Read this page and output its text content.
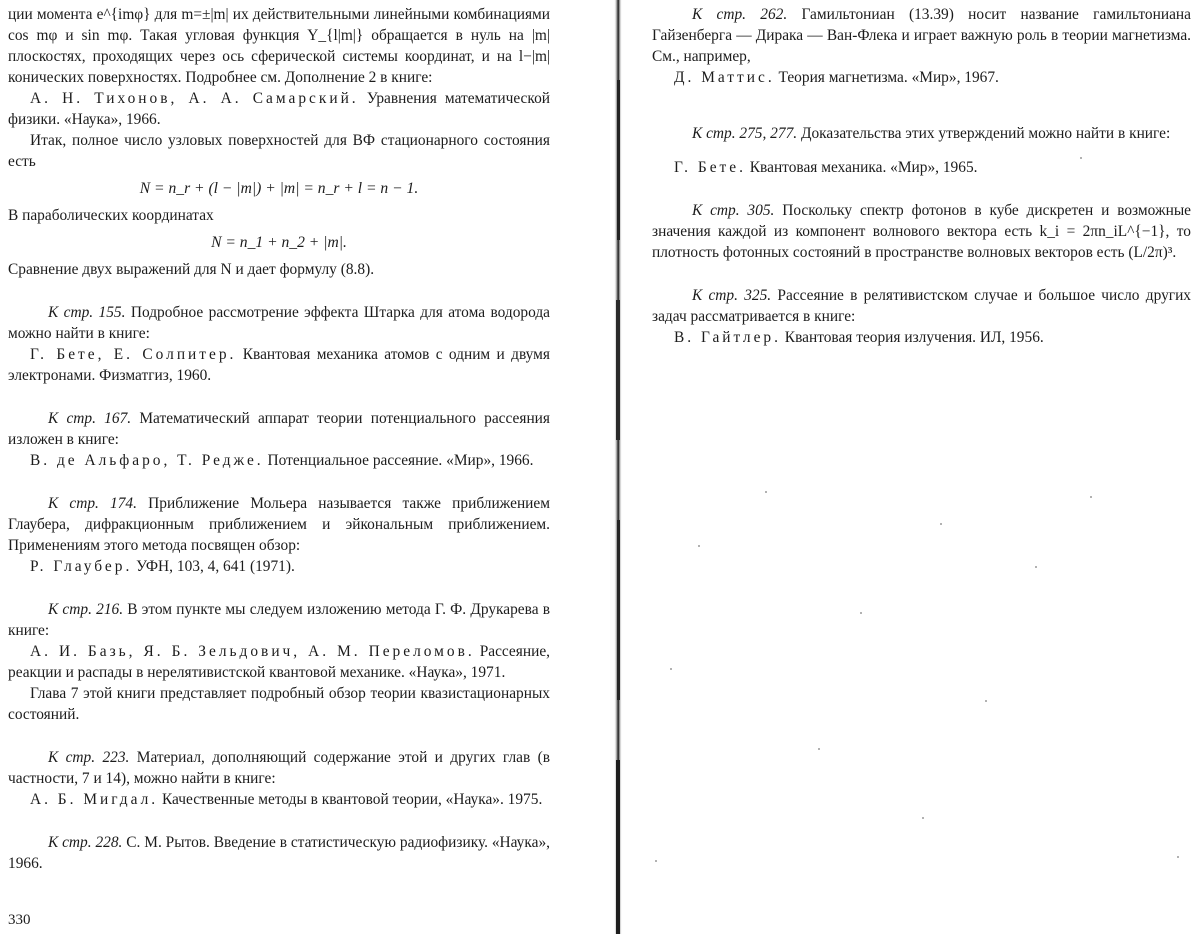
ции момента e^{imφ} для m=±|m| их действительными линейными комбинациями cos mφ и sin mφ. Такая угловая функция Y_{l|m|} обращается в нуль на |m| плоскостях, проходящих через ось сферической системы координат, и на l−|m| конических поверхностях. Подробнее см. Дополнение 2 в книге:

А. Н. Тихонов, А. А. Самарский. Уравнения математической физики. «Наука», 1966.

Итак, полное число узловых поверхностей для ВФ стационарного состояния есть

N = n_r + (l − |m|) + |m| = n_r + l = n − 1.

В параболических координатах

N = n_1 + n_2 + |m|.

Сравнение двух выражений для N и дает формулу (8.8).

К стр. 155. Подробное рассмотрение эффекта Штарка для атома водорода можно найти в книге:

Г. Бете, Е. Солпитер. Квантовая механика атомов с одним и двумя электронами. Физматгиз, 1960.

К стр. 167. Математический аппарат теории потенциального рассеяния изложен в книге:

В. де Альфаро, Т. Редже. Потенциальное рассеяние. «Мир», 1966.

К стр. 174. Приближение Мольера называется также приближением Глаубера, дифракционным приближением и эйкональным приближением. Применениям этого метода посвящен обзор:

Р. Глаубер. УФН, 103, 4, 641 (1971).

К стр. 216. В этом пункте мы следуем изложению метода Г. Ф. Друкарева в книге:

А. И. Базь, Я. Б. Зельдович, А. М. Переломов. Рассеяние, реакции и распады в нерелятивистской квантовой механике. «Наука», 1971.

Глава 7 этой книги представляет подробный обзор теории квазистационарных состояний.

К стр. 223. Материал, дополняющий содержание этой и других глав (в частности, 7 и 14), можно найти в книге:

А. Б. Мигдал. Качественные методы в квантовой теории, «Наука». 1975.

К стр. 228. С. М. Рытов. Введение в статистическую радиофизику. «Наука», 1966.

330

К стр. 262. Гамильтониан (13.39) носит название гамильтониана Гайзенберга — Дирака — Ван-Флека и играет важную роль в теории магнетизма. См., например,

Д. Маттис. Теория магнетизма. «Мир», 1967.

К стр. 275, 277. Доказательства этих утверждений можно найти в книге:

Г. Бете. Квантовая механика. «Мир», 1965.

К стр. 305. Поскольку спектр фотонов в кубе дискретен и возможные значения каждой из компонент волнового вектора есть k_i = 2πn_iL^{−1}, то плотность фотонных состояний в пространстве волновых векторов есть (L/2π)³.

К стр. 325. Рассеяние в релятивистском случае и большое число других задач рассматривается в книге:

В. Гайтлер. Квантовая теория излучения. ИЛ, 1956.
